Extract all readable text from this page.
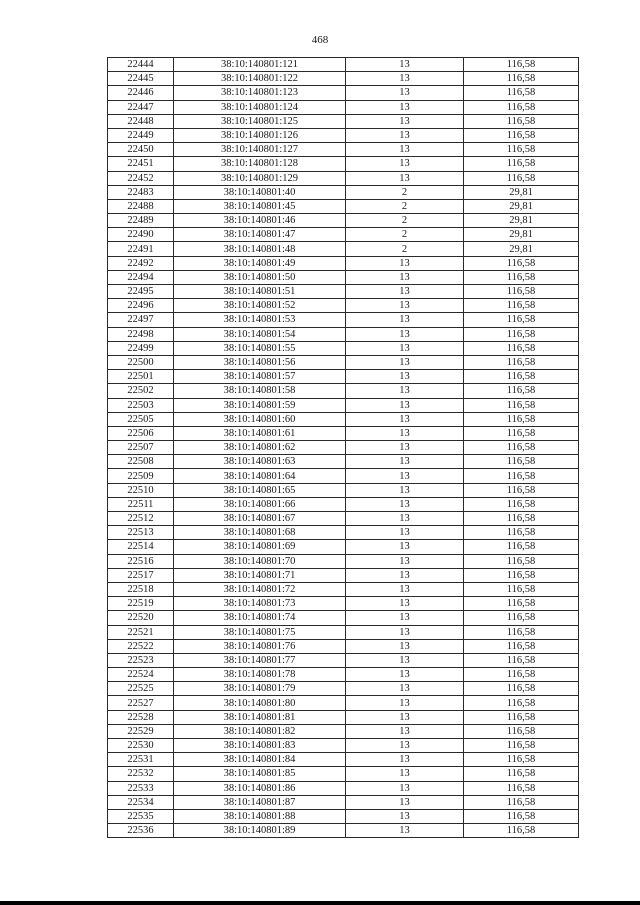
468
22444	38:10:140801:121	13	116,58
22445	38:10:140801:122	13	116,58
22446	38:10:140801:123	13	116,58
22447	38:10:140801:124	13	116,58
22448	38:10:140801:125	13	116,58
22449	38:10:140801:126	13	116,58
22450	38:10:140801:127	13	116,58
22451	38:10:140801:128	13	116,58
22452	38:10:140801:129	13	116,58
22483	38:10:140801:40	2	29,81
22488	38:10:140801:45	2	29,81
22489	38:10:140801:46	2	29,81
22490	38:10:140801:47	2	29,81
22491	38:10:140801:48	2	29,81
22492	38:10:140801:49	13	116,58
22494	38:10:140801:50	13	116,58
22495	38:10:140801:51	13	116,58
22496	38:10:140801:52	13	116,58
22497	38:10:140801:53	13	116,58
22498	38:10:140801:54	13	116,58
22499	38:10:140801:55	13	116,58
22500	38:10:140801:56	13	116,58
22501	38:10:140801:57	13	116,58
22502	38:10:140801:58	13	116,58
22503	38:10:140801:59	13	116,58
22505	38:10:140801:60	13	116,58
22506	38:10:140801:61	13	116,58
22507	38:10:140801:62	13	116,58
22508	38:10:140801:63	13	116,58
22509	38:10:140801:64	13	116,58
22510	38:10:140801:65	13	116,58
22511	38:10:140801:66	13	116,58
22512	38:10:140801:67	13	116,58
22513	38:10:140801:68	13	116,58
22514	38:10:140801:69	13	116,58
22516	38:10:140801:70	13	116,58
22517	38:10:140801:71	13	116,58
22518	38:10:140801:72	13	116,58
22519	38:10:140801:73	13	116,58
22520	38:10:140801:74	13	116,58
22521	38:10:140801:75	13	116,58
22522	38:10:140801:76	13	116,58
22523	38:10:140801:77	13	116,58
22524	38:10:140801:78	13	116,58
22525	38:10:140801:79	13	116,58
22527	38:10:140801:80	13	116,58
22528	38:10:140801:81	13	116,58
22529	38:10:140801:82	13	116,58
22530	38:10:140801:83	13	116,58
22531	38:10:140801:84	13	116,58
22532	38:10:140801:85	13	116,58
22533	38:10:140801:86	13	116,58
22534	38:10:140801:87	13	116,58
22535	38:10:140801:88	13	116,58
22536	38:10:140801:89	13	116,58
